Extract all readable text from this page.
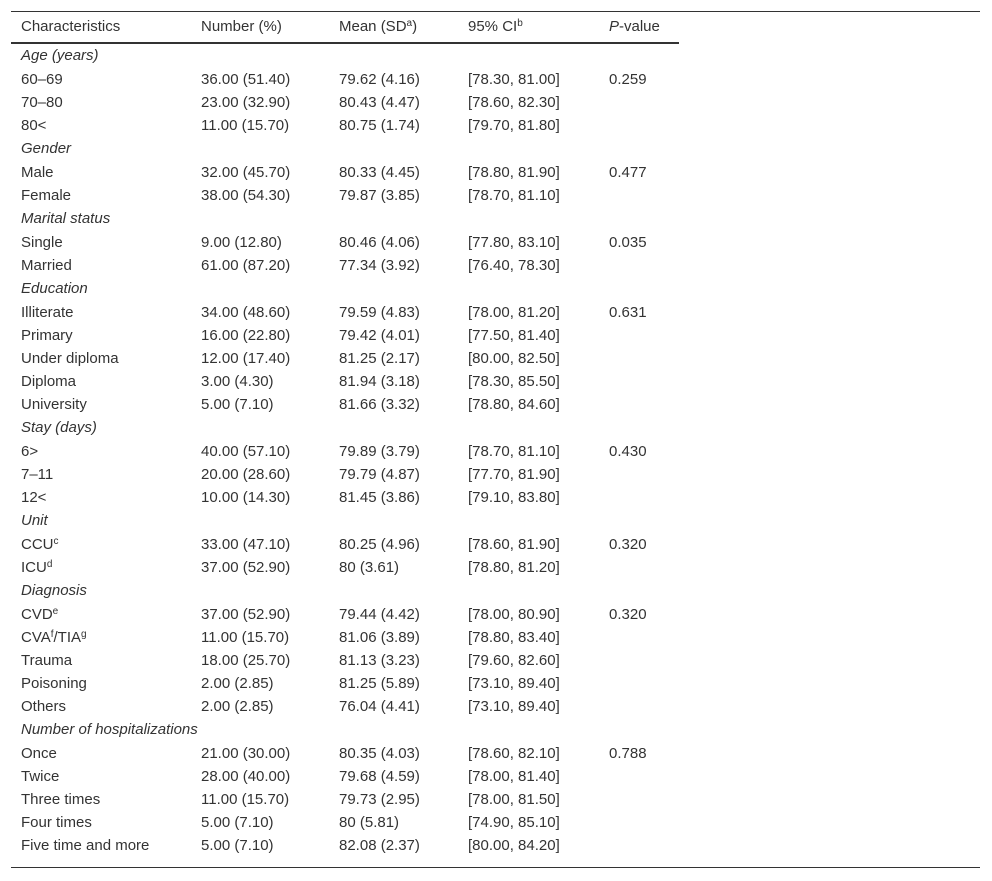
Characteristics	Number (%)	Mean $(SD^a)$	95% $CI^b$	P-value
Age (years)				
60–69	36.00 (51.40)	79.62 (4.16)	[78.30, 81.00]	0.259
70–80	23.00 (32.90)	80.43 (4.47)	[78.60, 82.30]	
80<	11.00 (15.70)	80.75 (1.74)	[79.70, 81.80]	
Gender				
Male	32.00 (45.70)	80.33 (4.45)	[78.80, 81.90]	0.477
Female	38.00 (54.30)	79.87 (3.85)	[78.70, 81.10]	
Marital status				
Single	9.00 (12.80)	80.46 (4.06)	[77.80, 83.10]	0.035
Married	61.00 (87.20)	77.34 (3.92)	[76.40, 78.30]	
Education				
Illiterate	34.00 (48.60)	79.59 (4.83)	[78.00, 81.20]	0.631
Primary	16.00 (22.80)	79.42 (4.01)	[77.50, 81.40]	
Under diploma	12.00 (17.40)	81.25 (2.17)	[80.00, 82.50]	
Diploma	3.00 (4.30)	81.94 (3.18)	[78.30, 85.50]	
University	5.00 (7.10)	81.66 (3.32)	[78.80, 84.60]	
Stay (days)				
6>	40.00 (57.10)	79.89 (3.79)	[78.70, 81.10]	0.430
7–11	20.00 (28.60)	79.79 (4.87)	[77.70, 81.90]	
12<	10.00 (14.30)	81.45 (3.86)	[79.10, 83.80]	
Unit				
CCU$^c$	33.00 (47.10)	80.25 (4.96)	[78.60, 81.90]	0.320
ICU$^d$	37.00 (52.90)	80 (3.61)	[78.80, 81.20]	
Diagnosis				
CVDe	37.00 (52.90)	79.44 (4.42)	[78.00, 80.90]	0.320
CVA$^f$/TIA$^g$	11.00 (15.70)	81.06 (3.89)	[78.80, 83.40]	
Trauma	18.00 (25.70)	81.13 (3.23)	[79.60, 82.60]	
Poisoning	2.00 (2.85)	81.25 (5.89)	[73.10, 89.40]	
Others	2.00 (2.85)	76.04 (4.41)	[73.10, 89.40]	
Number of hospitalizations				
Once	21.00 (30.00)	80.35 (4.03)	[78.60, 82.10]	0.788
Twice	28.00 (40.00)	79.68 (4.59)	[78.00, 81.40]	
Three times	11.00 (15.70)	79.73 (2.95)	[78.00, 81.50]	
Four times	5.00 (7.10)	80 (5.81)	[74.90, 85.10]	
Five time and more	5.00 (7.10)	82.08 (2.37)	[80.00, 84.20]	
